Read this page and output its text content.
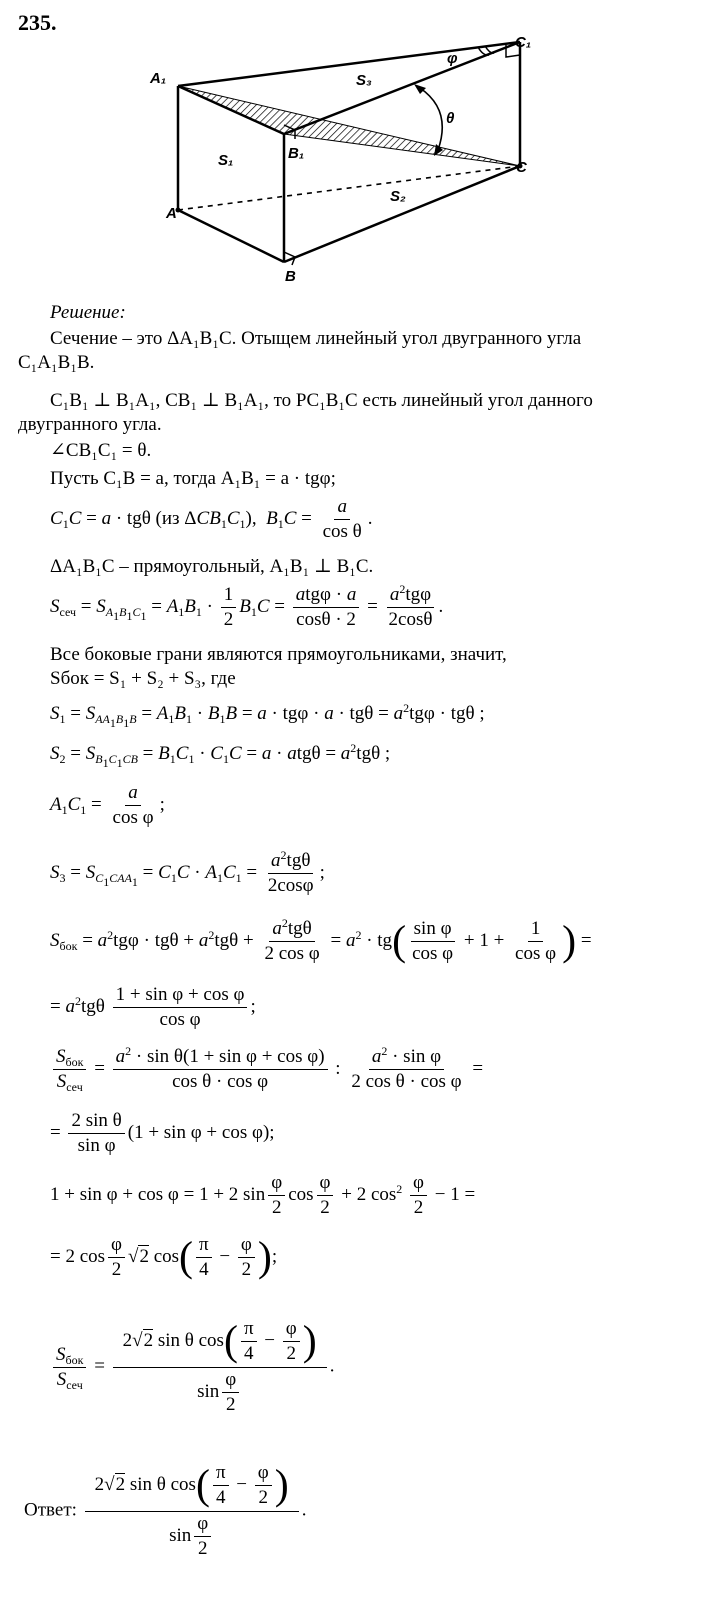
235.
A₁
B₁
C₁
A
B
C
S₁
S₂
S₃
φ
θ
Решение:
Сечение – это ΔA₁B₁C. Отыщем линейный угол двугранного угла
C₁A₁B₁B.
C₁B₁ ⊥ B₁A₁, CB₁ ⊥ B₁A₁, то PC₁B₁C есть линейный угол данного
двугранного угла.
∠CB₁C₁ = θ.
Пусть C₁B = a, тогда A₁B₁ = a · tgφ;
$C_1C = a \cdot tg\theta$ (из $\Delta CB_1C_1$),  $B_1C = \frac{a}{\text{cos θ}}$ .
ΔA₁B₁C – прямоугольный, A₁B₁ ⊥ B₁C.
$S_{сеч} = S_{A_1B_1C_1} = A_1B_1 \cdot \frac{1}{2} B_1C = \frac{\text{atgφ · a}}{\cos\theta \cdot 2} = \frac{a^2tg\varphi}{2\cos\theta}$ .
Все боковые грани являются прямоугольниками, значит,
Sбок = S₁ + S₂ + S₃, где
$S_1 = S_{AA_1B_1B} = A_1B_1 \cdot B_1B = a \cdot tg\varphi \cdot a \cdot tg\theta = a^2tg\varphi \cdot tg\theta$ ;
$S_2 = S_{B_1C_1CB} = B_1C_1 \cdot C_1C = a \cdot atg\theta = a^2tg\theta$ ;
$A_1C_1 = \frac{a}{\text{cos φ}}$ ;
$S_3 = S_{C_1CAA_1} = C_1C \cdot A_1C_1 = \frac{a^2tg\theta}{2\cos\varphi}$ ;
$S_{бок} = a^2tg\varphi \cdot tg\theta + a^2tg\theta + \frac{a^2tg\theta}{\text{2 cos φ}} = a^2 \cdot tg( \frac{\text{sin φ}}{\text{cos φ}} + 1 + \frac{1}{\text{cos φ}}$ ) =
= $a^2tg\theta \frac{\text{1 + sin φ + cos φ}}{\text{cos φ}}$ ;
$\frac{S_{бок}}{S_{сеч}} = \frac{a^2 \cdot \sin \theta(1 + \sin \varphi + \cos \varphi)}{\text{cos θ · cos φ}}$ : $\frac{a^2 \cdot \sin \varphi}{\text{2 cos θ · cos φ}}$ =
= $\frac{\text{2 sin θ}}{\text{sin φ}} (1 + \sin \varphi + \cos \varphi)$;
1 + sin φ + cos φ = 1 + 2 $\sin \frac{\varphi}{2}$ $\cos \frac{\varphi}{2} + 2$ $\cos^2 \frac{\varphi}{2} - 1$ =
= 2 $\cos \frac{\varphi}{2} √2$ $\cos( \frac{\pi}{4} - \frac{\varphi}{2}$ );
$\frac{S_{бок}}{S_{сеч}} = \frac{2√2 \sin \theta \cos( \frac{\pi}{4} - \frac{\varphi}{2} )}{\sin \frac{\varphi}{2}}$ .
Ответ: $\frac{2√2 \sin \theta \cos( \frac{\pi}{4} - \frac{\varphi}{2} )}{\sin \frac{\varphi}{2}}$ .
